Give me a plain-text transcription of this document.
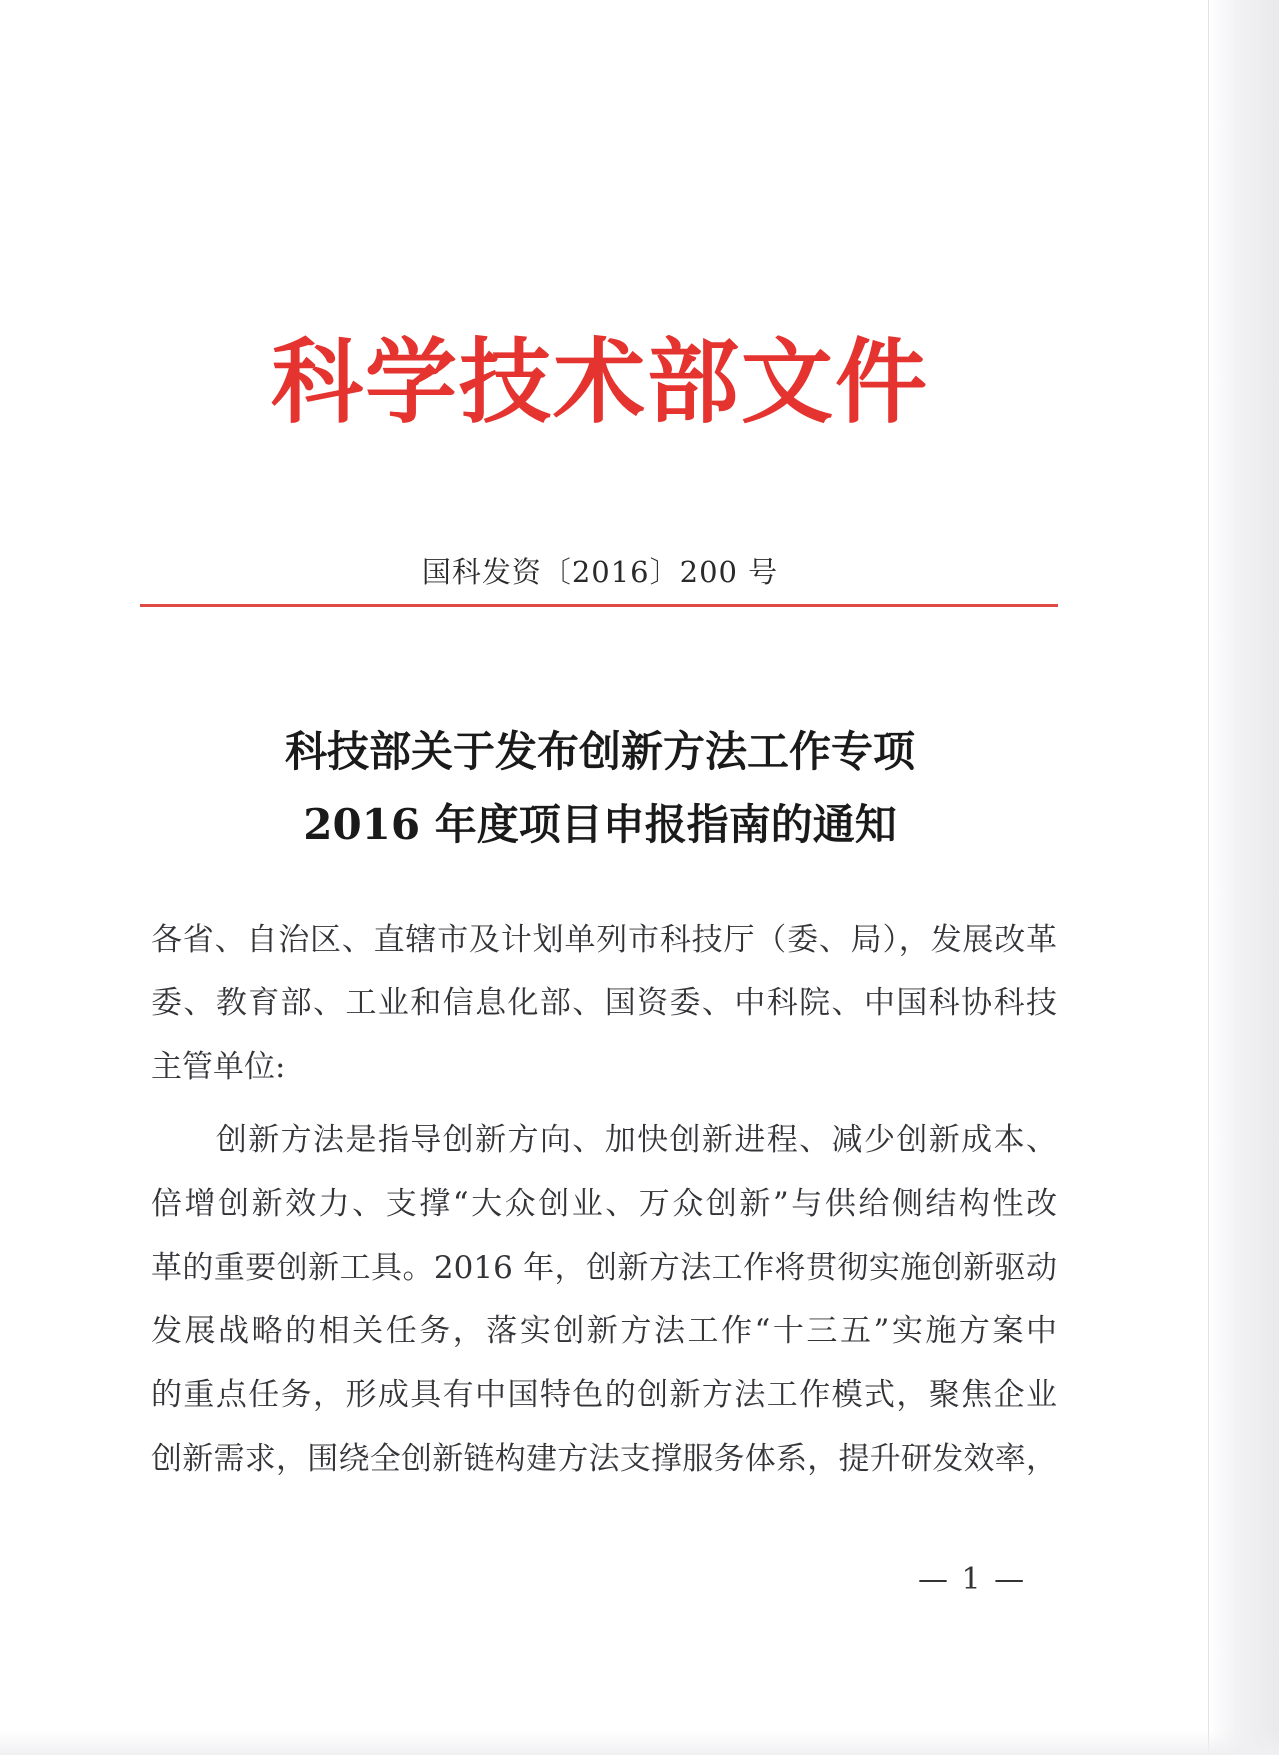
科学技术部文件
国科发资〔2016〕200 号
科技部关于发布创新方法工作专项
2016 年度项目申报指南的通知
各省、自治区、直辖市及计划单列市科技厅（委、局），发展改革
委、教育部、工业和信息化部、国资委、中科院、中国科协科技
主管单位:
　　创新方法是指导创新方向、加快创新进程、减少创新成本、
倍增创新效力、支撑“大众创业、万众创新”与供给侧结构性改
革的重要创新工具。2016 年，创新方法工作将贯彻实施创新驱动
发展战略的相关任务，落实创新方法工作“十三五”实施方案中
的重点任务，形成具有中国特色的创新方法工作模式，聚焦企业
创新需求，围绕全创新链构建方法支撑服务体系，提升研发效率，
— 1 —
